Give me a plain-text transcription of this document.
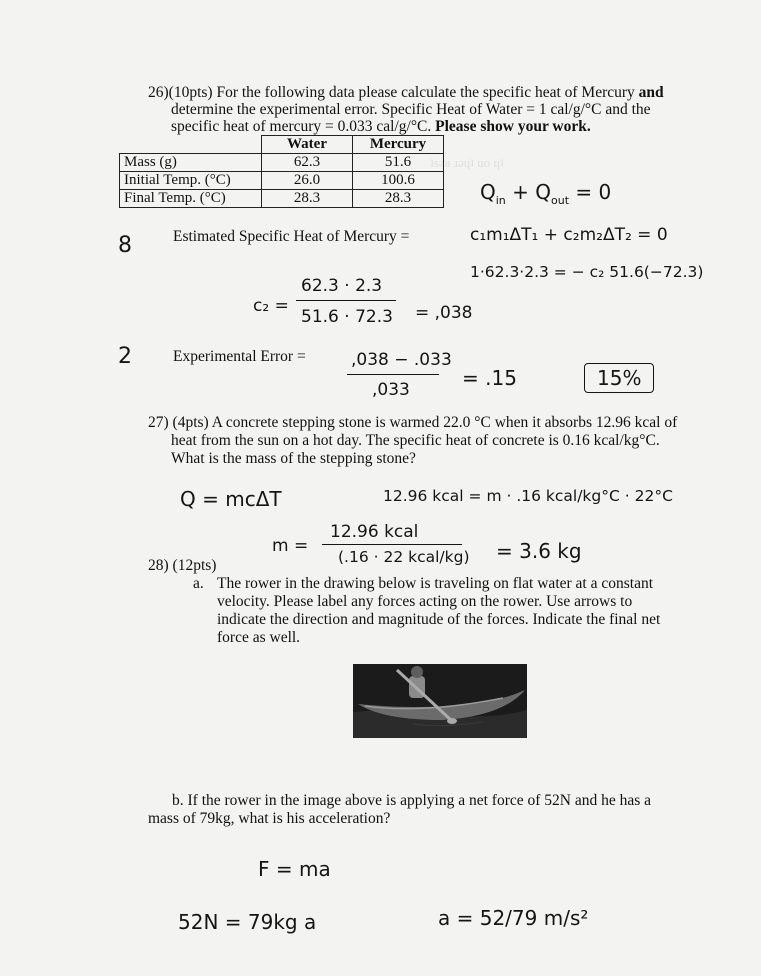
ʇsǝᴚ ɹǝɥʇ uo ɥʇ
26)(10pts) For the following data please calculate the specific heat of Mercury and
determine the experimental error. Specific Heat of Water = 1 cal/g/°C and the
specific heat of mercury = 0.033 cal/g/°C. Please show your work.
	Water	Mercury
Mass (g)	62.3	51.6
Initial Temp. (°C)	26.0	100.6
Final Temp. (°C)	28.3	28.3	$Q_{in} + Q_{out} = 0$
8	Estimated Specific Heat of Mercury =	c₁m₁ΔT₁ + c₂m₂ΔT₂ = 0
1·62.3·2.3 = − c₂ 51.6(−72.3)
c₂ =
62.3 · 2.3
51.6 · 72.3 = ,038
2	Experimental Error =	,038 − .033
,033	= .15	15%
27) (4pts) A concrete stepping stone is warmed 22.0 °C when it absorbs 12.96 kcal of
heat from the sun on a hot day. The specific heat of concrete is 0.16 kcal/kg°C.
What is the mass of the stepping stone?
Q = mcΔT	12.96 kcal = m · .16 kcal/kg°C · 22°C
m =
12.96 kcal
(.16 · 22 kcal/kg) = 3.6 kg
28) (12pts)
a. The rower in the drawing below is traveling on flat water at a constant
velocity. Please label any forces acting on the rower. Use arrows to
indicate the direction and magnitude of the forces. Indicate the final net
force as well.
b. If the rower in the image above is applying a net force of 52N and he has a
mass of 79kg, what is his acceleration?
F = ma
52N = 79kg a	a = 52/79 m/s²
